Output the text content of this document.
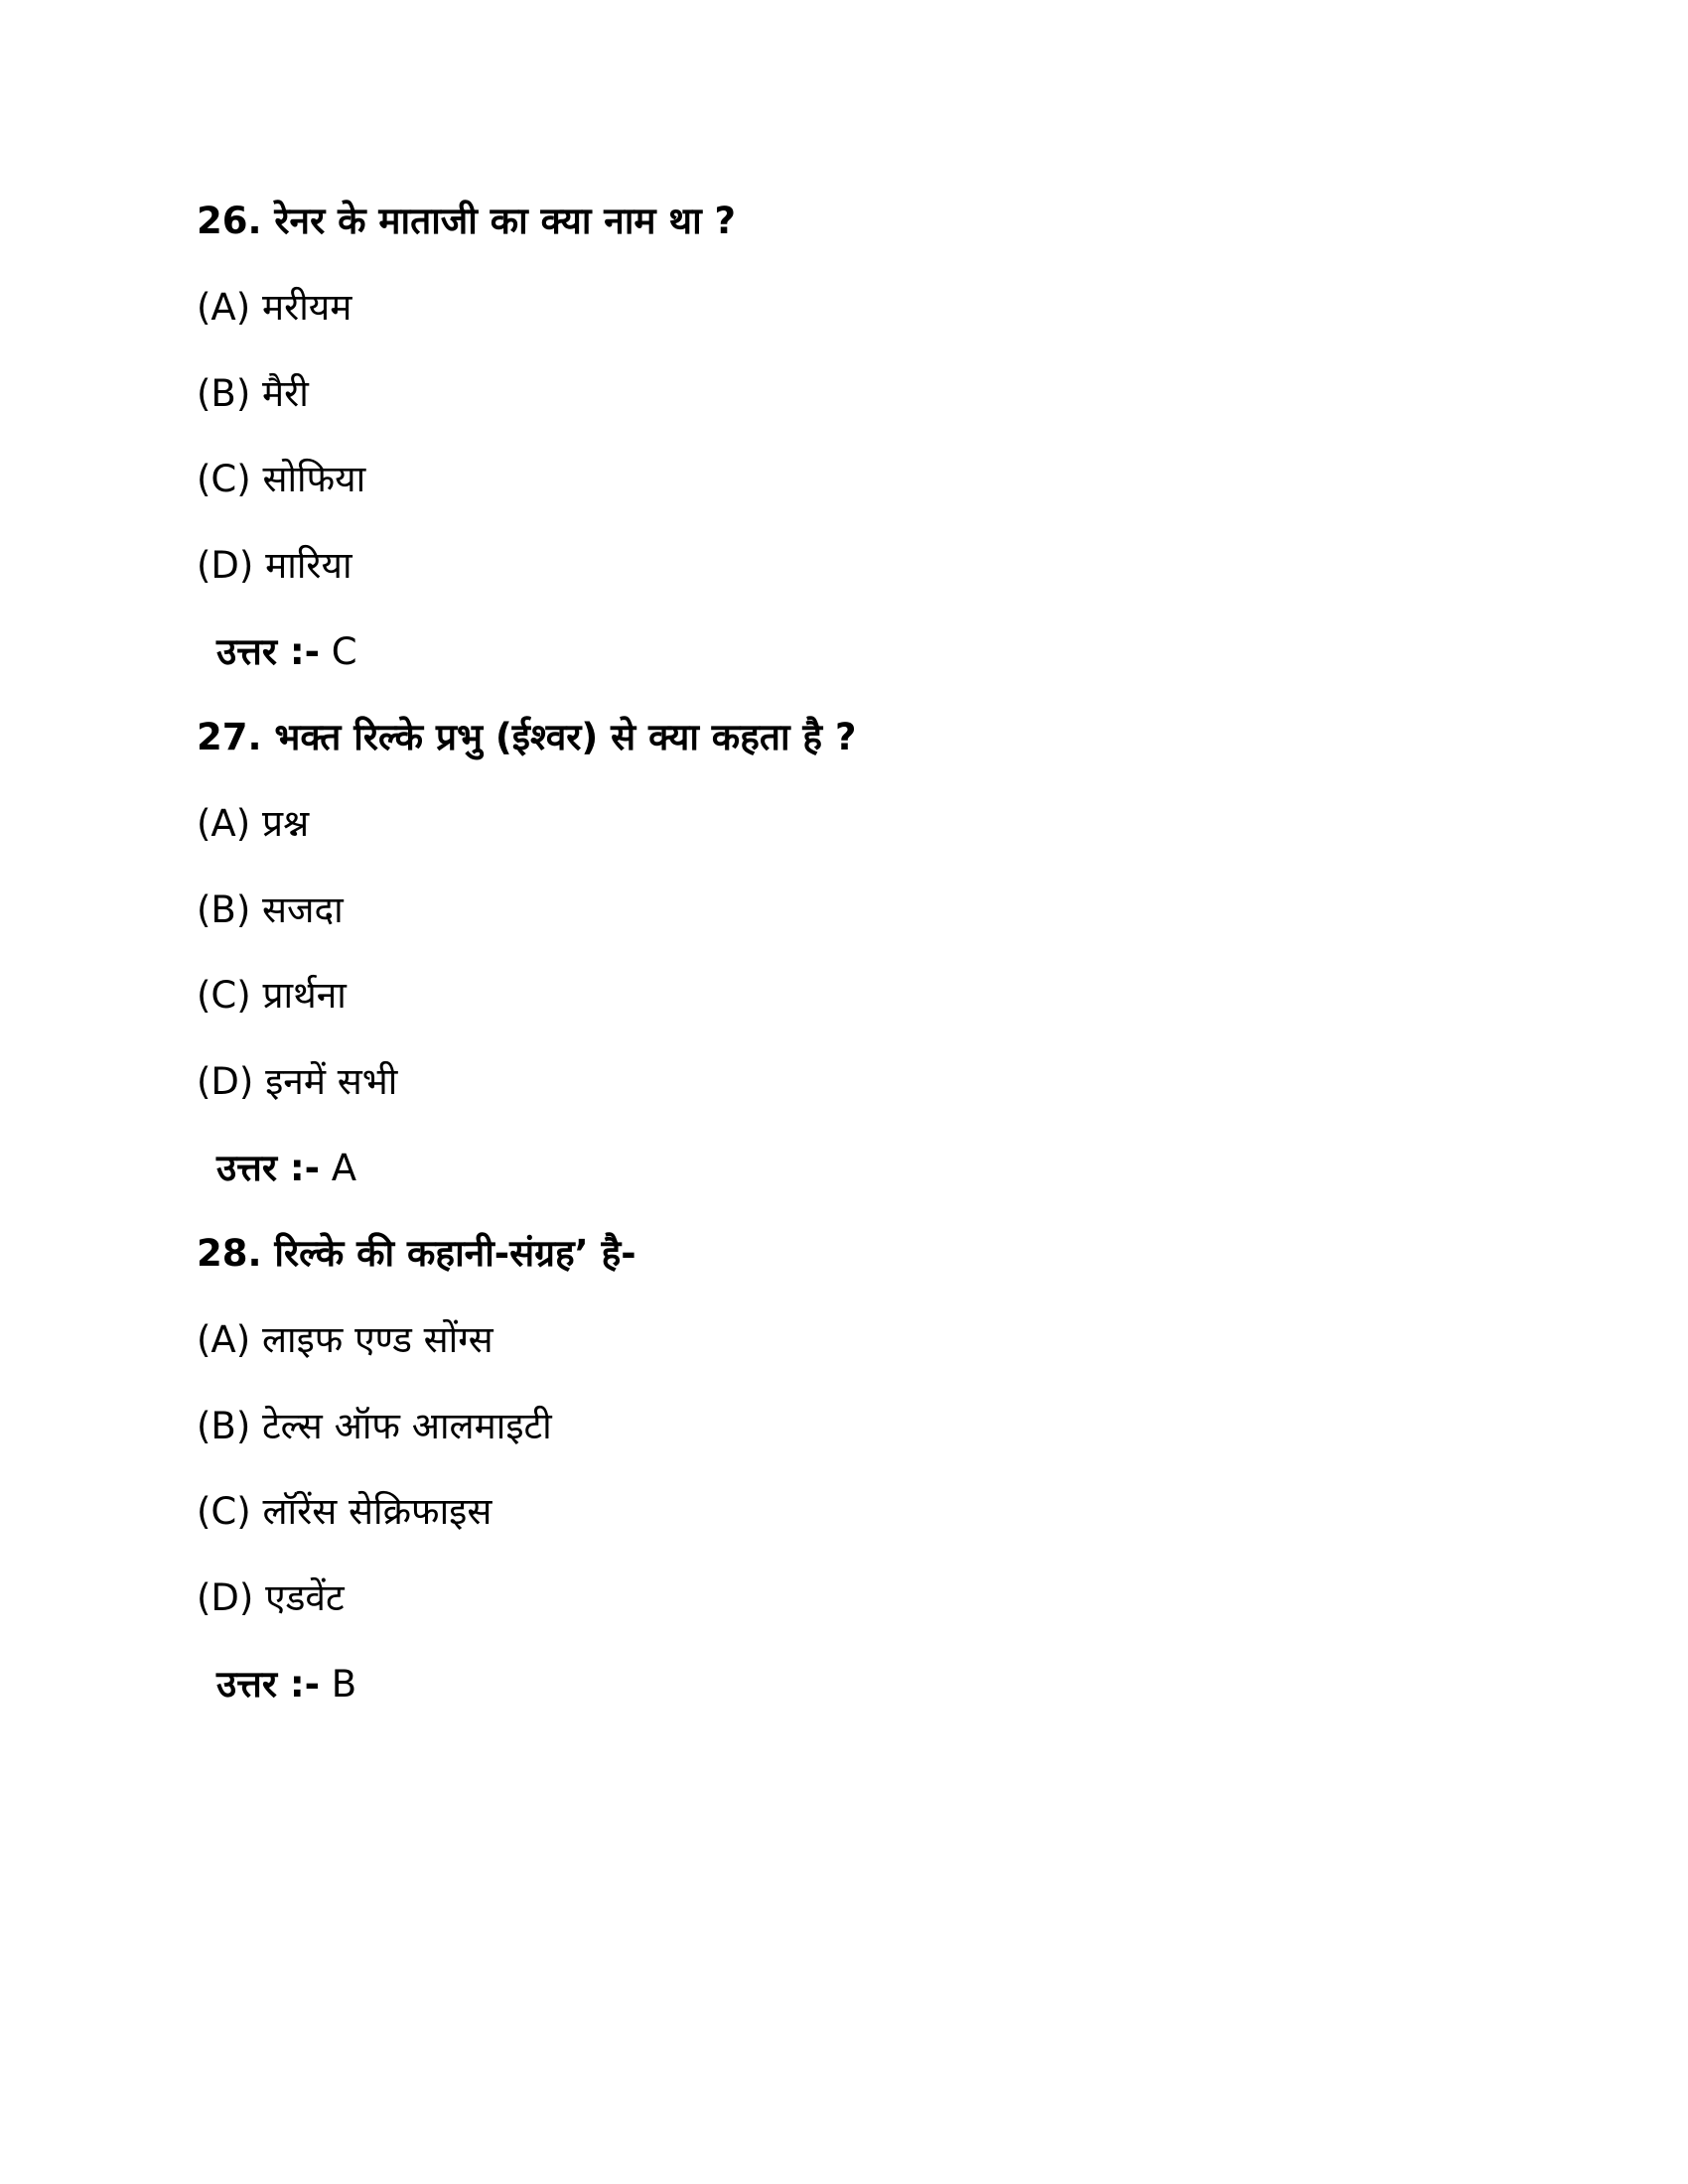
26. रेनर के माताजी का क्या नाम था ?
(A) मरीयम
(B) मैरी
(C) सोफिया
(D) मारिया
उत्तर :- C
27. भक्त रिल्के प्रभु (ईश्वर) से क्या कहता है ?
(A) प्रश्न
(B) सजदा
(C) प्रार्थना
(D) इनमें सभी
उत्तर :- A
28. रिल्के की कहानी-संग्रह’ है-
(A) लाइफ एण्ड सोंग्स
(B) टेल्स ऑफ आलमाइटी
(C) लॉरेंस सेक्रिफाइस
(D) एडवेंट
उत्तर :- B
